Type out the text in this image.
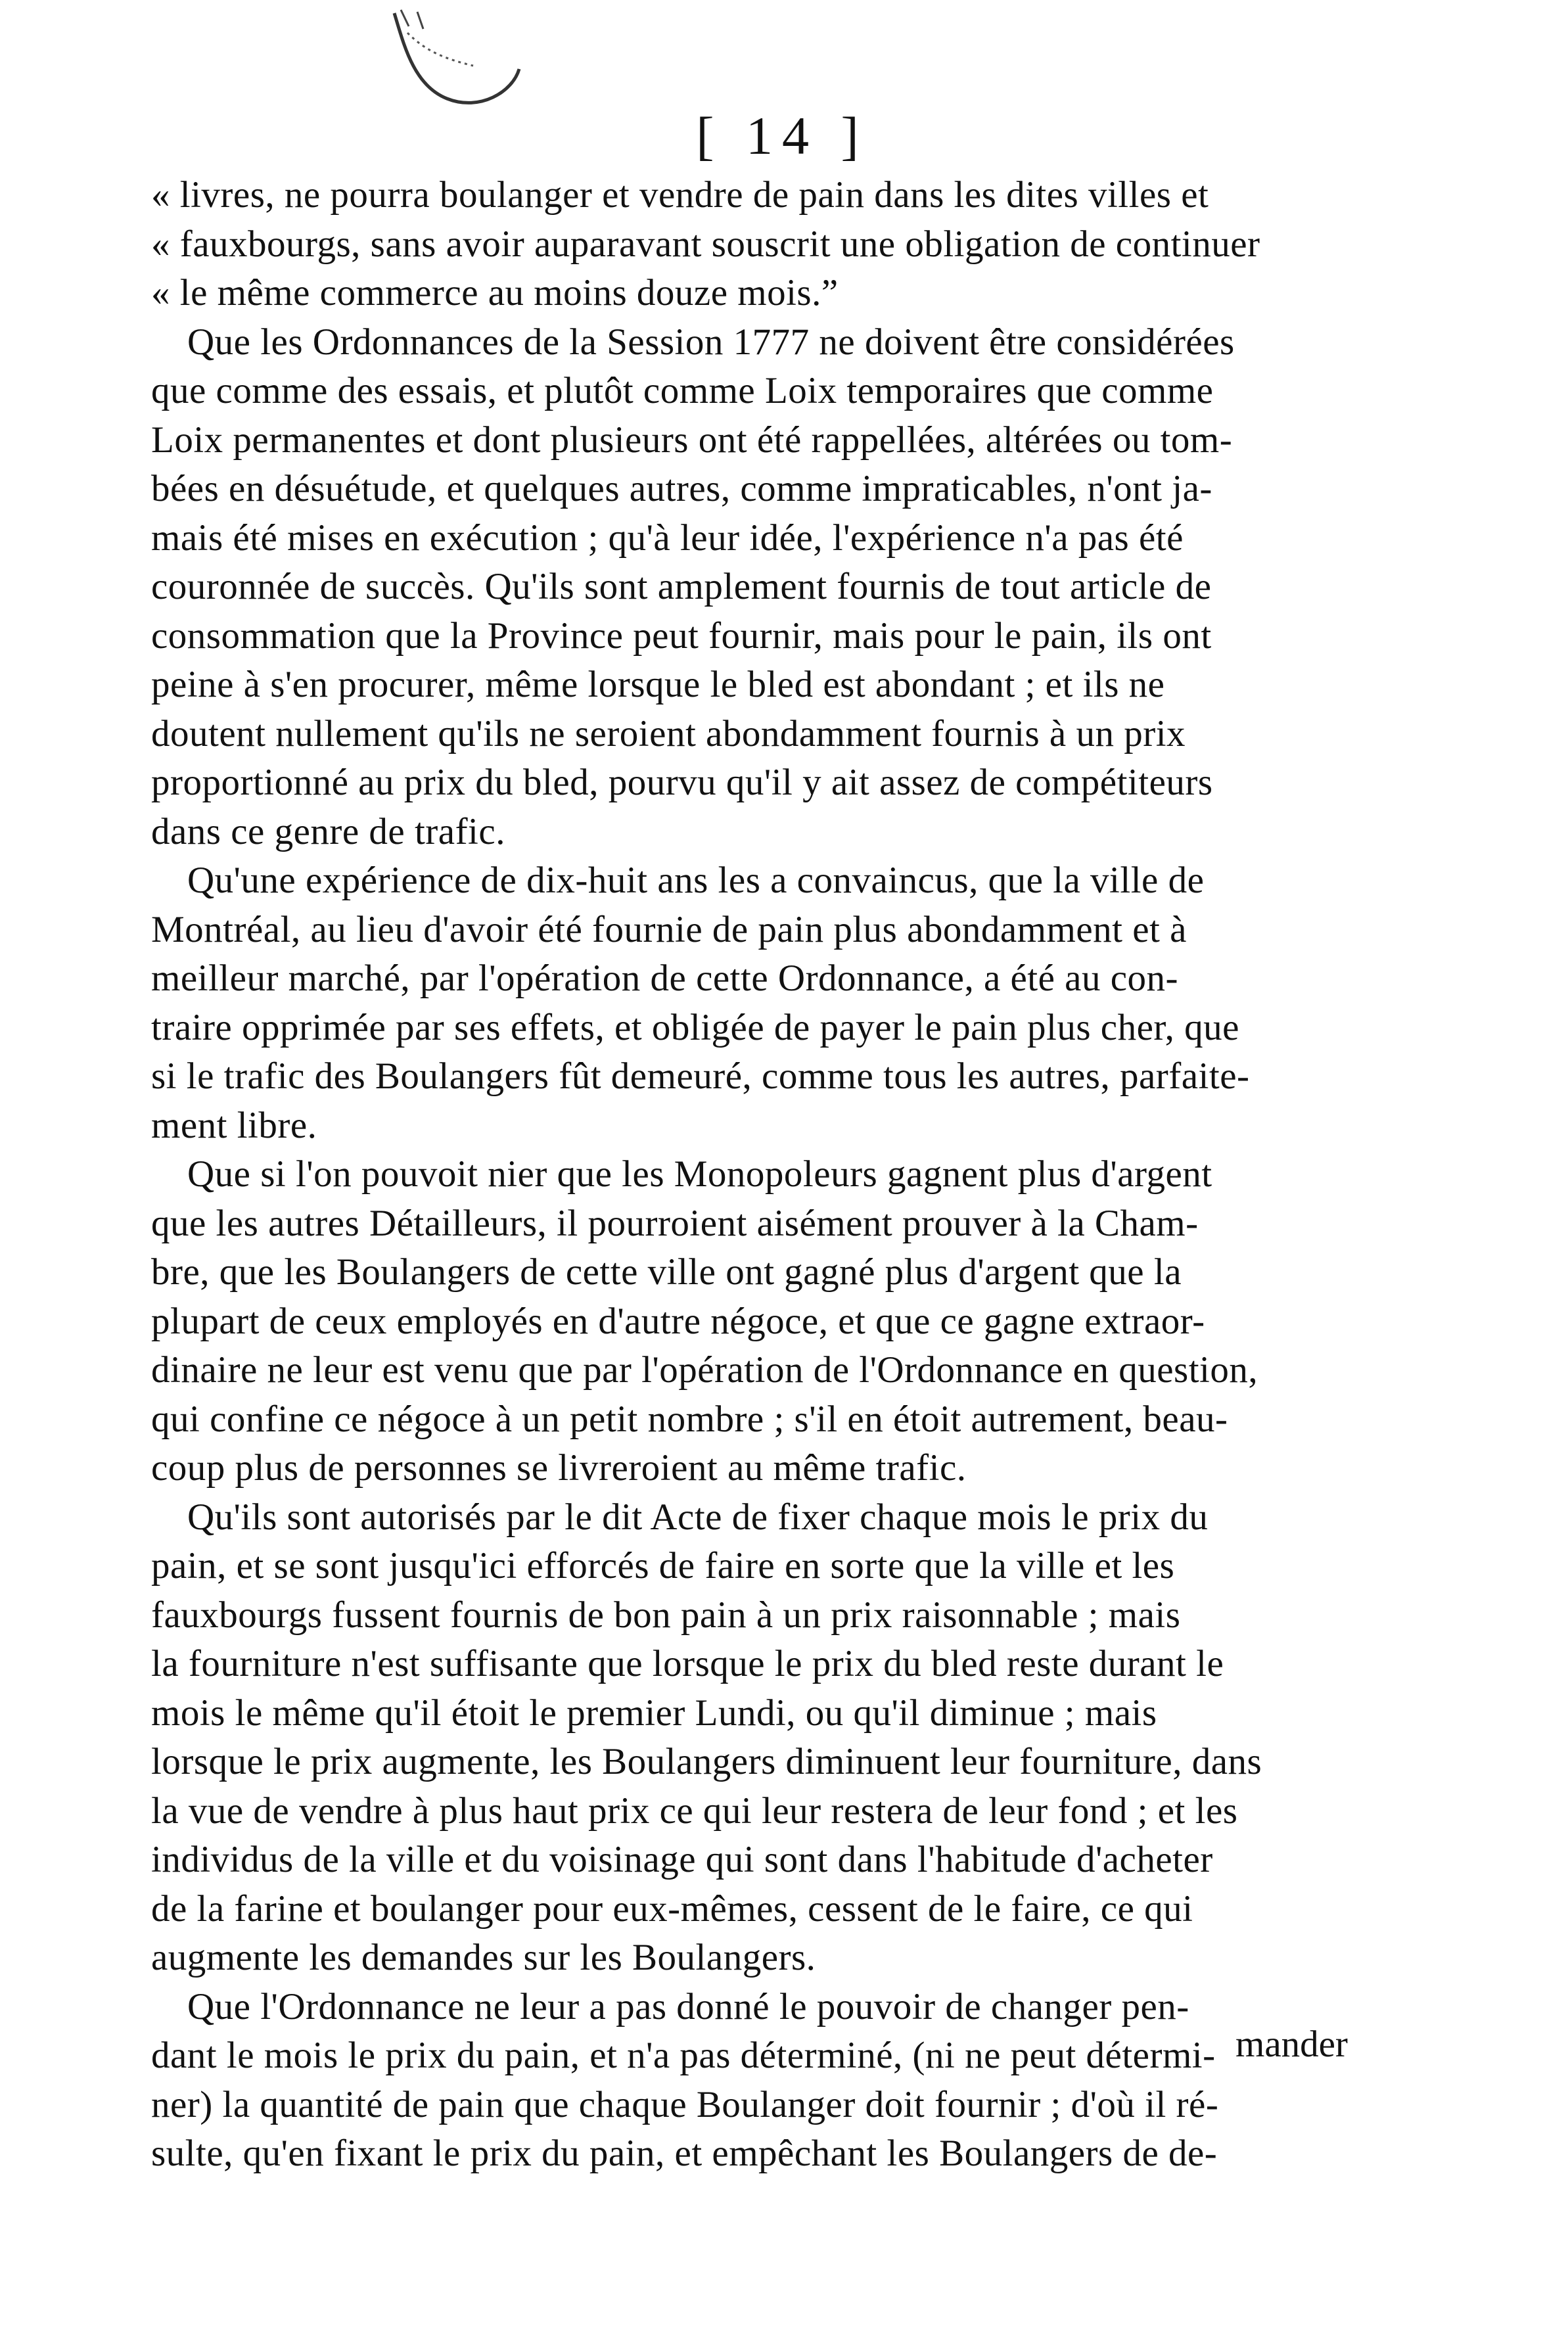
[ 14 ]
« livres, ne pourra boulanger et vendre de pain dans les dites villes et
« fauxbourgs, sans avoir auparavant souscrit une obligation de continuer
« le même commerce au moins douze mois.”
Que les Ordonnances de la Session 1777 ne doivent être considérées
que comme des essais, et plutôt comme Loix temporaires que comme
Loix permanentes et dont plusieurs ont été rappellées, altérées ou tom-
bées en désuétude, et quelques autres, comme impraticables, n'ont ja-
mais été mises en exécution ; qu'à leur idée, l'expérience n'a pas été
couronnée de succès. Qu'ils sont amplement fournis de tout article de
consommation que la Province peut fournir, mais pour le pain, ils ont
peine à s'en procurer, même lorsque le bled est abondant ; et ils ne
doutent nullement qu'ils ne seroient abondamment fournis à un prix
proportionné au prix du bled, pourvu qu'il y ait assez de compétiteurs
dans ce genre de trafic.
Qu'une expérience de dix-huit ans les a convaincus, que la ville de
Montréal, au lieu d'avoir été fournie de pain plus abondamment et à
meilleur marché, par l'opération de cette Ordonnance, a été au con-
traire opprimée par ses effets, et obligée de payer le pain plus cher, que
si le trafic des Boulangers fût demeuré, comme tous les autres, parfaite-
ment libre.
Que si l'on pouvoit nier que les Monopoleurs gagnent plus d'argent
que les autres Détailleurs, il pourroient aisément prouver à la Cham-
bre, que les Boulangers de cette ville ont gagné plus d'argent que la
plupart de ceux employés en d'autre négoce, et que ce gagne extraor-
dinaire ne leur est venu que par l'opération de l'Ordonnance en question,
qui confine ce négoce à un petit nombre ; s'il en étoit autrement, beau-
coup plus de personnes se livreroient au même trafic.
Qu'ils sont autorisés par le dit Acte de fixer chaque mois le prix du
pain, et se sont jusqu'ici efforcés de faire en sorte que la ville et les
fauxbourgs fussent fournis de bon pain à un prix raisonnable ; mais
la fourniture n'est suffisante que lorsque le prix du bled reste durant le
mois le même qu'il étoit le premier Lundi, ou qu'il diminue ; mais
lorsque le prix augmente, les Boulangers diminuent leur fourniture, dans
la vue de vendre à plus haut prix ce qui leur restera de leur fond ; et les
individus de la ville et du voisinage qui sont dans l'habitude d'acheter
de la farine et boulanger pour eux-mêmes, cessent de le faire, ce qui
augmente les demandes sur les Boulangers.
Que l'Ordonnance ne leur a pas donné le pouvoir de changer pen-
dant le mois le prix du pain, et n'a pas déterminé, (ni ne peut détermi-
ner) la quantité de pain que chaque Boulanger doit fournir ; d'où il ré-
sulte, qu'en fixant le prix du pain, et empêchant les Boulangers de de-
mander
